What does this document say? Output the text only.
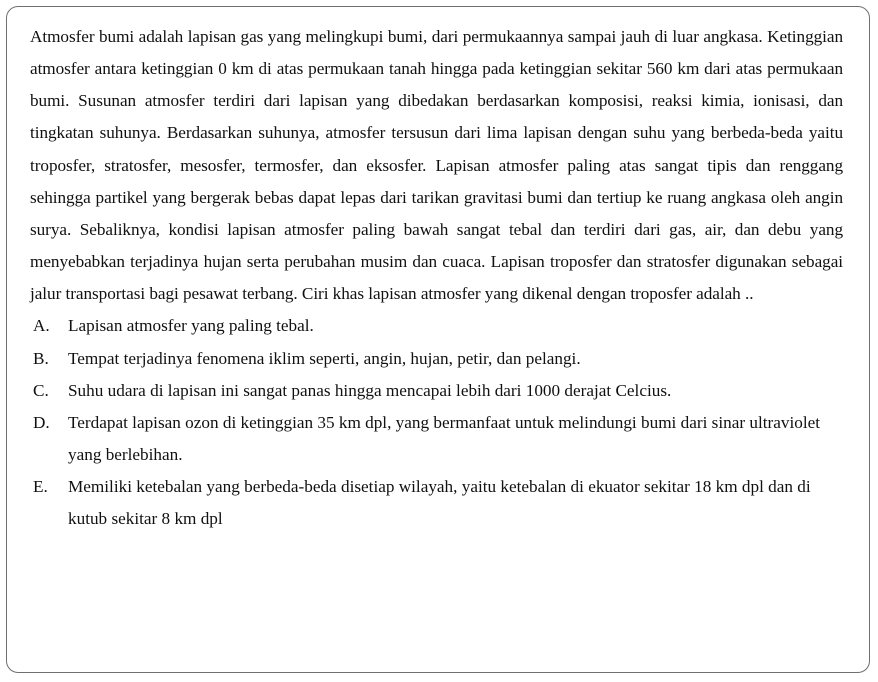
Atmosfer bumi adalah lapisan gas yang melingkupi bumi, dari permukaannya sampai jauh di luar angkasa. Ketinggian atmosfer antara ketinggian 0 km di atas permukaan tanah hingga pada ketinggian sekitar 560 km dari atas permukaan bumi. Susunan atmosfer terdiri dari lapisan yang dibedakan berdasarkan komposisi, reaksi kimia, ionisasi, dan tingkatan suhunya. Berdasarkan suhunya, atmosfer tersusun dari lima lapisan dengan suhu yang berbeda-beda yaitu troposfer, stratosfer, mesosfer, termosfer, dan eksosfer. Lapisan atmosfer paling atas sangat tipis dan renggang sehingga partikel yang bergerak bebas dapat lepas dari tarikan gravitasi bumi dan tertiup ke ruang angkasa oleh angin surya. Sebaliknya, kondisi lapisan atmosfer paling bawah sangat tebal dan terdiri dari gas, air, dan debu yang menyebabkan terjadinya hujan serta perubahan musim dan cuaca. Lapisan troposfer dan stratosfer digunakan sebagai jalur transportasi bagi pesawat terbang. Ciri khas lapisan atmosfer yang dikenal dengan troposfer adalah ..

A.	Lapisan atmosfer yang paling tebal.
B.	Tempat terjadinya fenomena iklim seperti, angin, hujan, petir, dan pelangi.
C.	Suhu udara di lapisan ini sangat panas hingga mencapai lebih dari 1000 derajat Celcius.
D.	Terdapat lapisan ozon di ketinggian 35 km dpl, yang bermanfaat untuk melindungi bumi dari sinar ultraviolet yang berlebihan.
E.	Memiliki ketebalan yang berbeda-beda disetiap wilayah, yaitu ketebalan di ekuator sekitar 18 km dpl dan di kutub sekitar 8 km dpl
